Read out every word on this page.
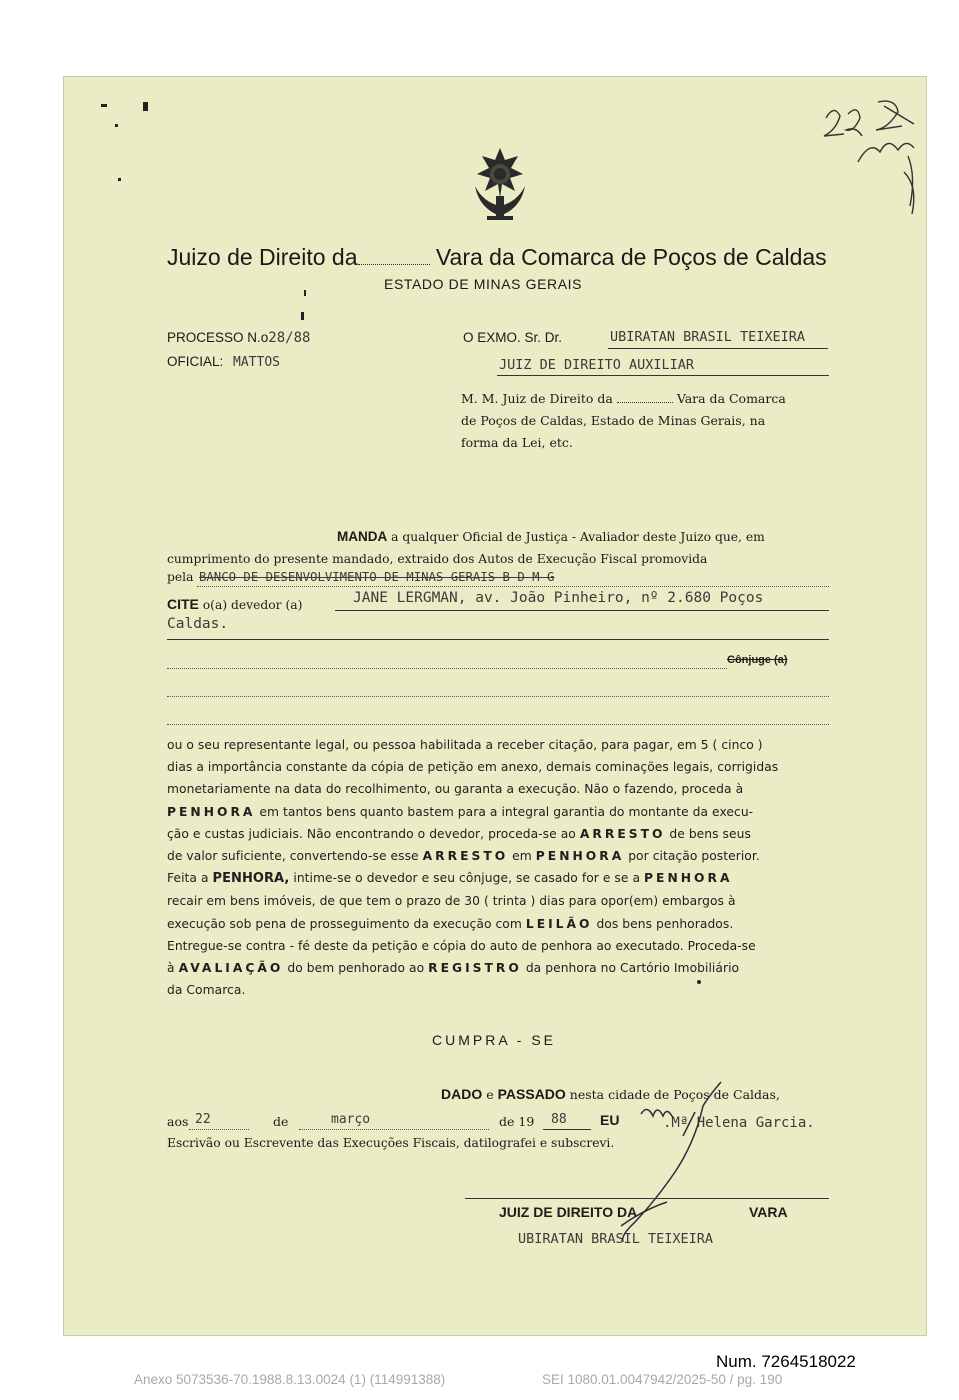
Juizo de Direito da	Vara da Comarca de Poços de Caldas
ESTADO DE MINAS GERAIS
PROCESSO N.o28/88
OFICIAL: MATTOS
O EXMO. Sr. Dr.	UBIRATAN BRASIL TEIXEIRA
JUIZ DE DIREITO AUXILIAR
M. M. Juiz de Direito da	Vara da Comarca
de Poços de Caldas, Estado de Minas Gerais, na
forma da Lei, etc.
MANDA a qualquer Oficial de Justiça - Avaliador deste Juizo que, em
cumprimento do presente mandado, extraido dos Autos de Execução Fiscal promovida
pela BANCO DE DESENVOLVIMENTO DE MINAS GERAIS B D M G
CITE o(a) devedor (a)	JANE LERGMAN, av. João Pinheiro, nº 2.680 Poços
Caldas.
Cônjuge (a)
ou o seu representante legal, ou pessoa habilitada a receber citação, para pagar, em 5 ( cinco )
dias a importância constante da cópia de petição em anexo, demais cominações legais, corrigidas
monetariamente na data do recolhimento, ou garanta a execução. Não o fazendo, proceda à
PENHORA em tantos bens quanto bastem para a integral garantia do montante da execu-
ção e custas judiciais. Não encontrando o devedor, proceda-se ao ARRESTO de bens seus
de valor suficiente, convertendo-se esse ARRESTO em PENHORA por citação posterior.
Feita a PENHORA, intime-se o devedor e seu cônjuge, se casado for e se a PENHORA
recair em bens imóveis, de que tem o prazo de 30 ( trinta ) dias para opor(em) embargos à
execução sob pena de prosseguimento da execução com LEILÃO dos bens penhorados.
Entregue-se contra - fé deste da petição e cópia do auto de penhora ao executado. Proceda-se
à AVALIAÇÃO do bem penhorado ao REGISTRO da penhora no Cartório Imobiliário
da Comarca.
CUMPRA - SE
DADO e PASSADO nesta cidade de Poços de Caldas,
aos 22	de	março	de 19 88 EU	.Mª Helena Garcia.
Escrivão ou Escrevente das Execuções Fiscais, datilografei e subscrevi.
JUIZ DE DIREITO DA	VARA
UBIRATAN BRASIL TEIXEIRA
Num. 7264518022
Anexo 5073536-70.1988.8.13.0024 (1) (114991388)	SEI 1080.01.0047942/2025-50 / pg. 190
